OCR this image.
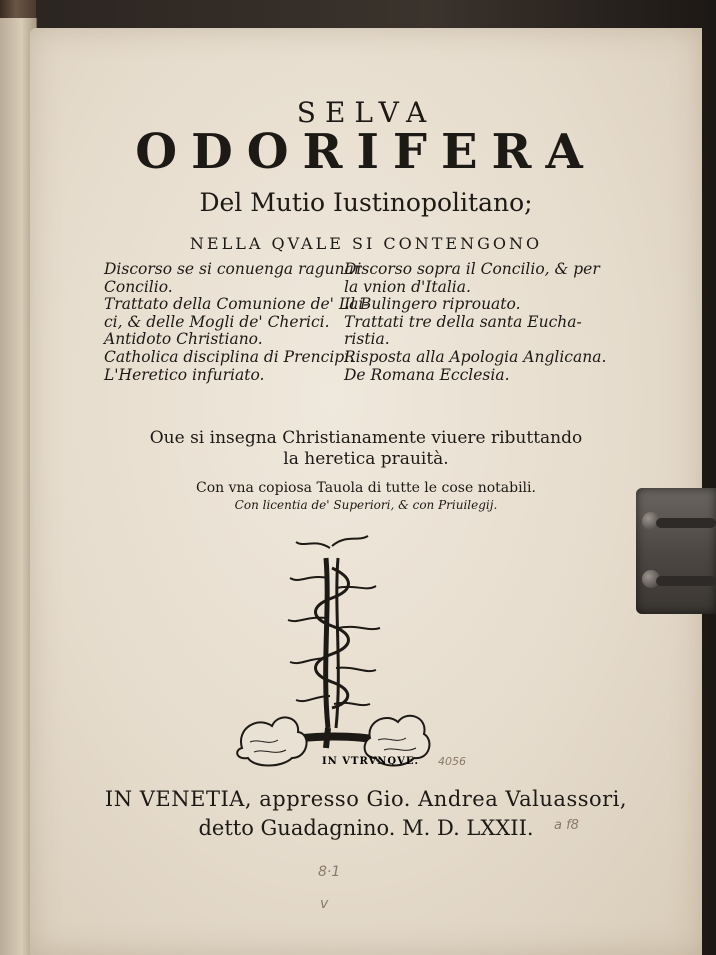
SELVA
ODORIFERA
Del Mutio Iustinopolitano;
NELLA QVALE SI CONTENGONO
Discorso se si conuenga ragunar
Concilio.
Trattato della Comunione de' Lai-
ci, & delle Mogli de' Cherici.
Antidoto Christiano.
Catholica disciplina di Prencipi.
L'Heretico infuriato.
Discorso sopra il Concilio, & per
la vnion d'Italia.
Il Bulingero riprouato.
Trattati tre della santa Eucha-
ristia.
Risposta alla Apologia Anglicana.
De Romana Ecclesia.
Oue si insegna Christianamente viuere ributtando
la heretica prauità.
Con vna copiosa Tauola di tutte le cose notabili.
Con licentia de' Superiori, & con Priuilegij.
IN VTRVNQVE.
IN VENETIA, appresso Gio. Andrea Valuassori,
detto Guadagnino. M. D. LXXII.
4056
a f8
8·1
v
